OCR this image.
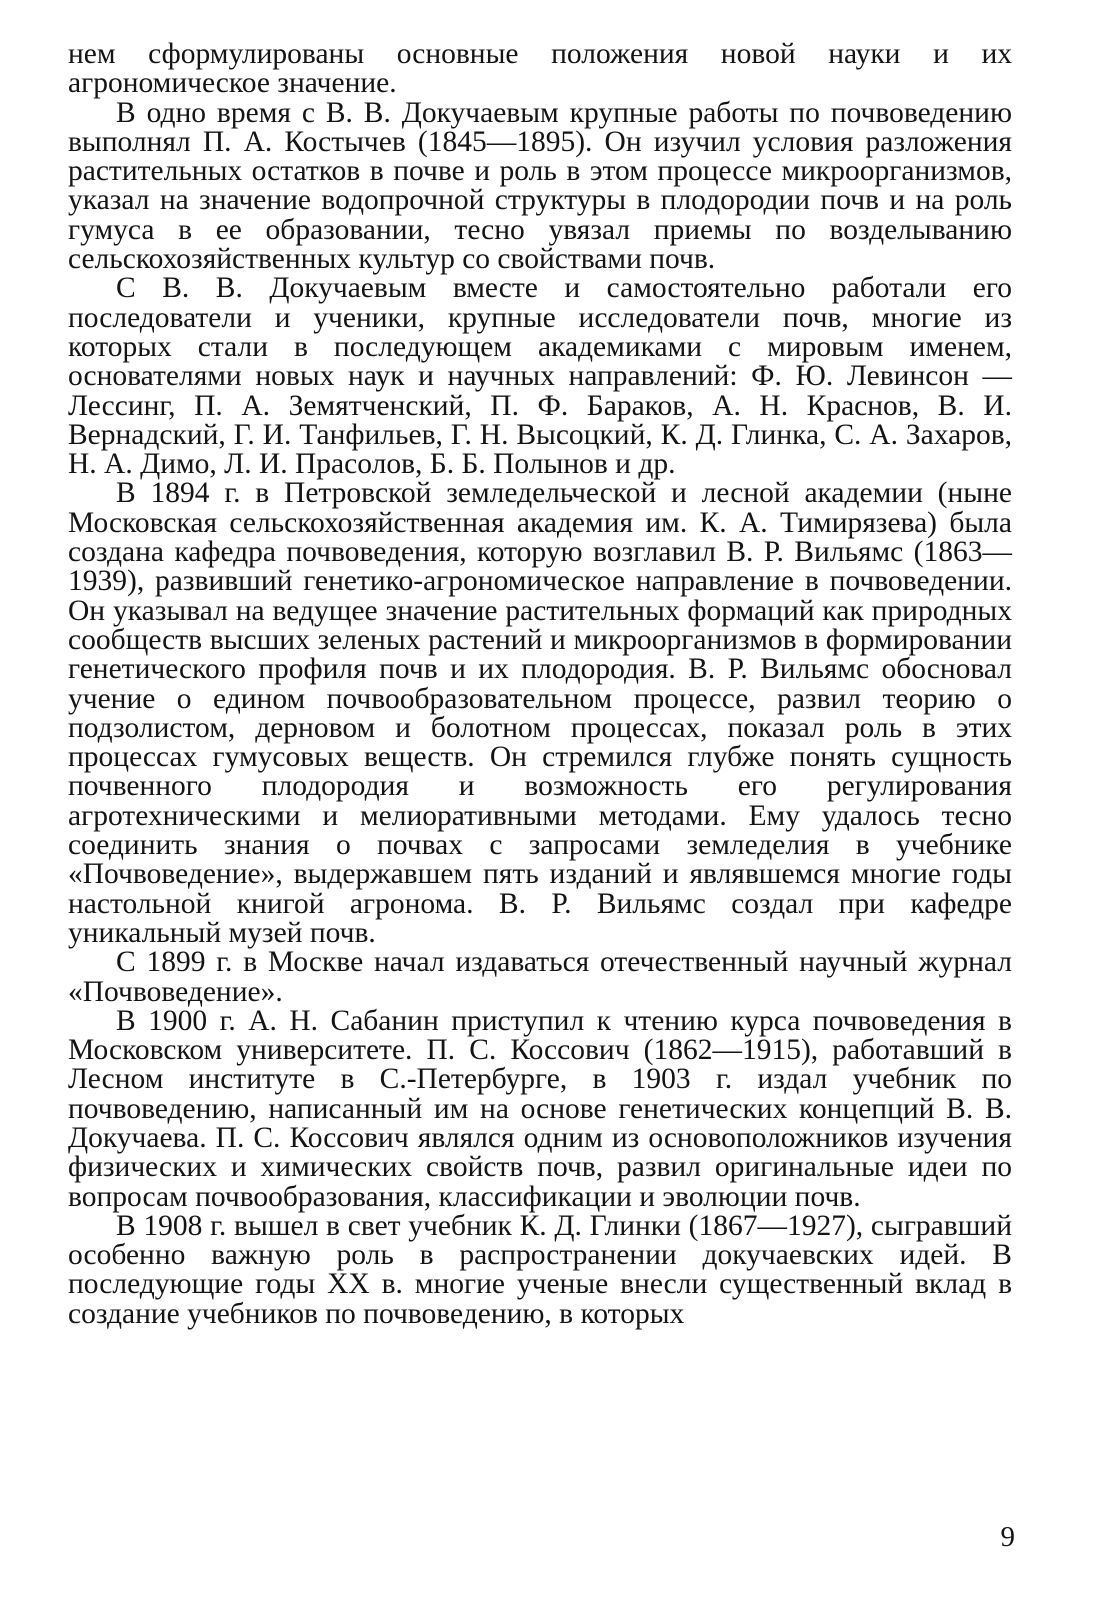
нем сформулированы основные положения новой науки и их агрономическое значение.

В одно время с В. В. Докучаевым крупные работы по почвоведению выполнял П. А. Костычев (1845—1895). Он изучил условия разложения растительных остатков в почве и роль в этом процессе микроорганизмов, указал на значение водопрочной структуры в плодородии почв и на роль гумуса в ее образовании, тесно увязал приемы по возделыванию сельскохозяйственных культур со свойствами почв.

С В. В. Докучаевым вместе и самостоятельно работали его последователи и ученики, крупные исследователи почв, многие из которых стали в последующем академиками с мировым именем, основателями новых наук и научных направлений: Ф. Ю. Левинсон — Лессинг, П. А. Земятченский, П. Ф. Бараков, А. Н. Краснов, В. И. Вернадский, Г. И. Танфильев, Г. Н. Высоцкий, К. Д. Глинка, С. А. Захаров, Н. А. Димо, Л. И. Прасолов, Б. Б. Полынов и др.

В 1894 г. в Петровской земледельческой и лесной академии (ныне Московская сельскохозяйственная академия им. К. А. Тимирязева) была создана кафедра почвоведения, которую возглавил В. Р. Вильямс (1863—1939), развивший генетико-агрономическое направление в почвоведении. Он указывал на ведущее значение растительных формаций как природных сообществ высших зеленых растений и микроорганизмов в формировании генетического профиля почв и их плодородия. В. Р. Вильямс обосновал учение о едином почвообразовательном процессе, развил теорию о подзолистом, дерновом и болотном процессах, показал роль в этих процессах гумусовых веществ. Он стремился глубже понять сущность почвенного плодородия и возможность его регулирования агротехническими и мелиоративными методами. Ему удалось тесно соединить знания о почвах с запросами земледелия в учебнике «Почвоведение», выдержавшем пять изданий и являвшемся многие годы настольной книгой агронома. В. Р. Вильямс создал при кафедре уникальный музей почв.

С 1899 г. в Москве начал издаваться отечественный научный журнал «Почвоведение».

В 1900 г. А. Н. Сабанин приступил к чтению курса почвоведения в Московском университете. П. С. Коссович (1862—1915), работавший в Лесном институте в С.-Петербурге, в 1903 г. издал учебник по почвоведению, написанный им на основе генетических концепций В. В. Докучаева. П. С. Коссович являлся одним из основоположников изучения физических и химических свойств почв, развил оригинальные идеи по вопросам почвообразования, классификации и эволюции почв.

В 1908 г. вышел в свет учебник К. Д. Глинки (1867—1927), сыгравший особенно важную роль в распространении докучаевских идей. В последующие годы XX в. многие ученые внесли существенный вклад в создание учебников по почвоведению, в которых

9
